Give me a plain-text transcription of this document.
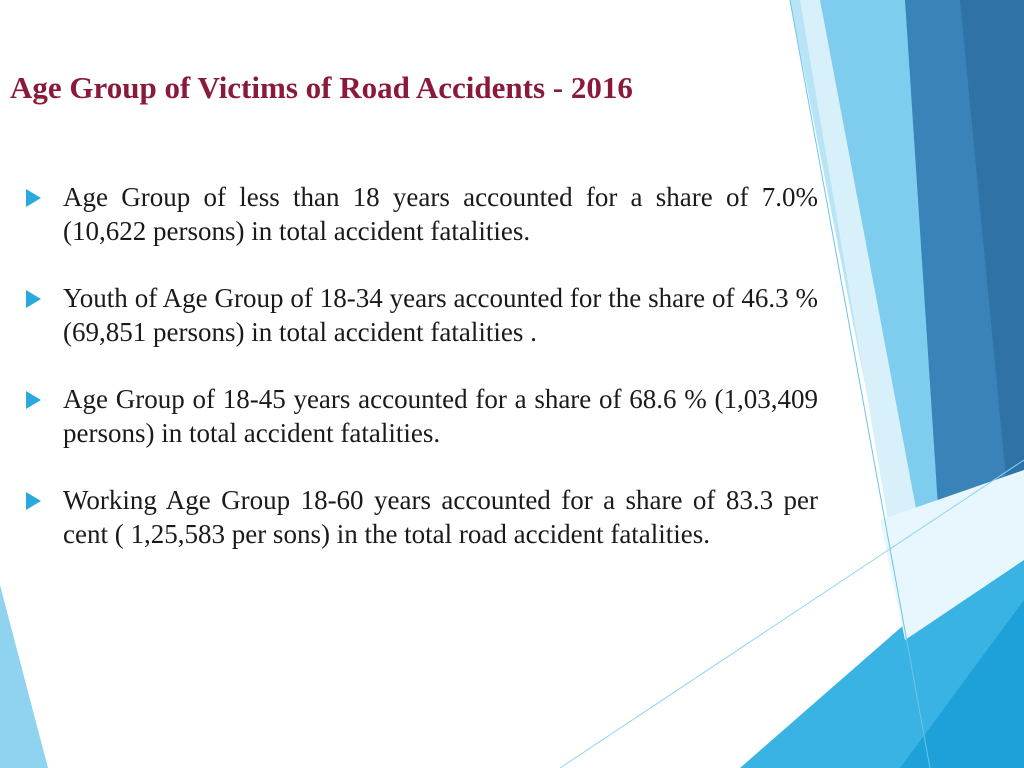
Age Group of Victims of Road Accidents - 2016
Age Group of less than 18 years accounted for a share of 7.0% (10,622 persons) in total accident fatalities.
Youth of Age Group of 18-34 years accounted for the share of 46.3 % (69,851 persons) in total accident fatalities .
Age Group of 18-45 years accounted for a share of 68.6 % (1,03,409 persons) in total accident fatalities.
Working Age Group 18-60 years accounted for a share of 83.3 per cent ( 1,25,583 per sons) in the total road accident fatalities.
